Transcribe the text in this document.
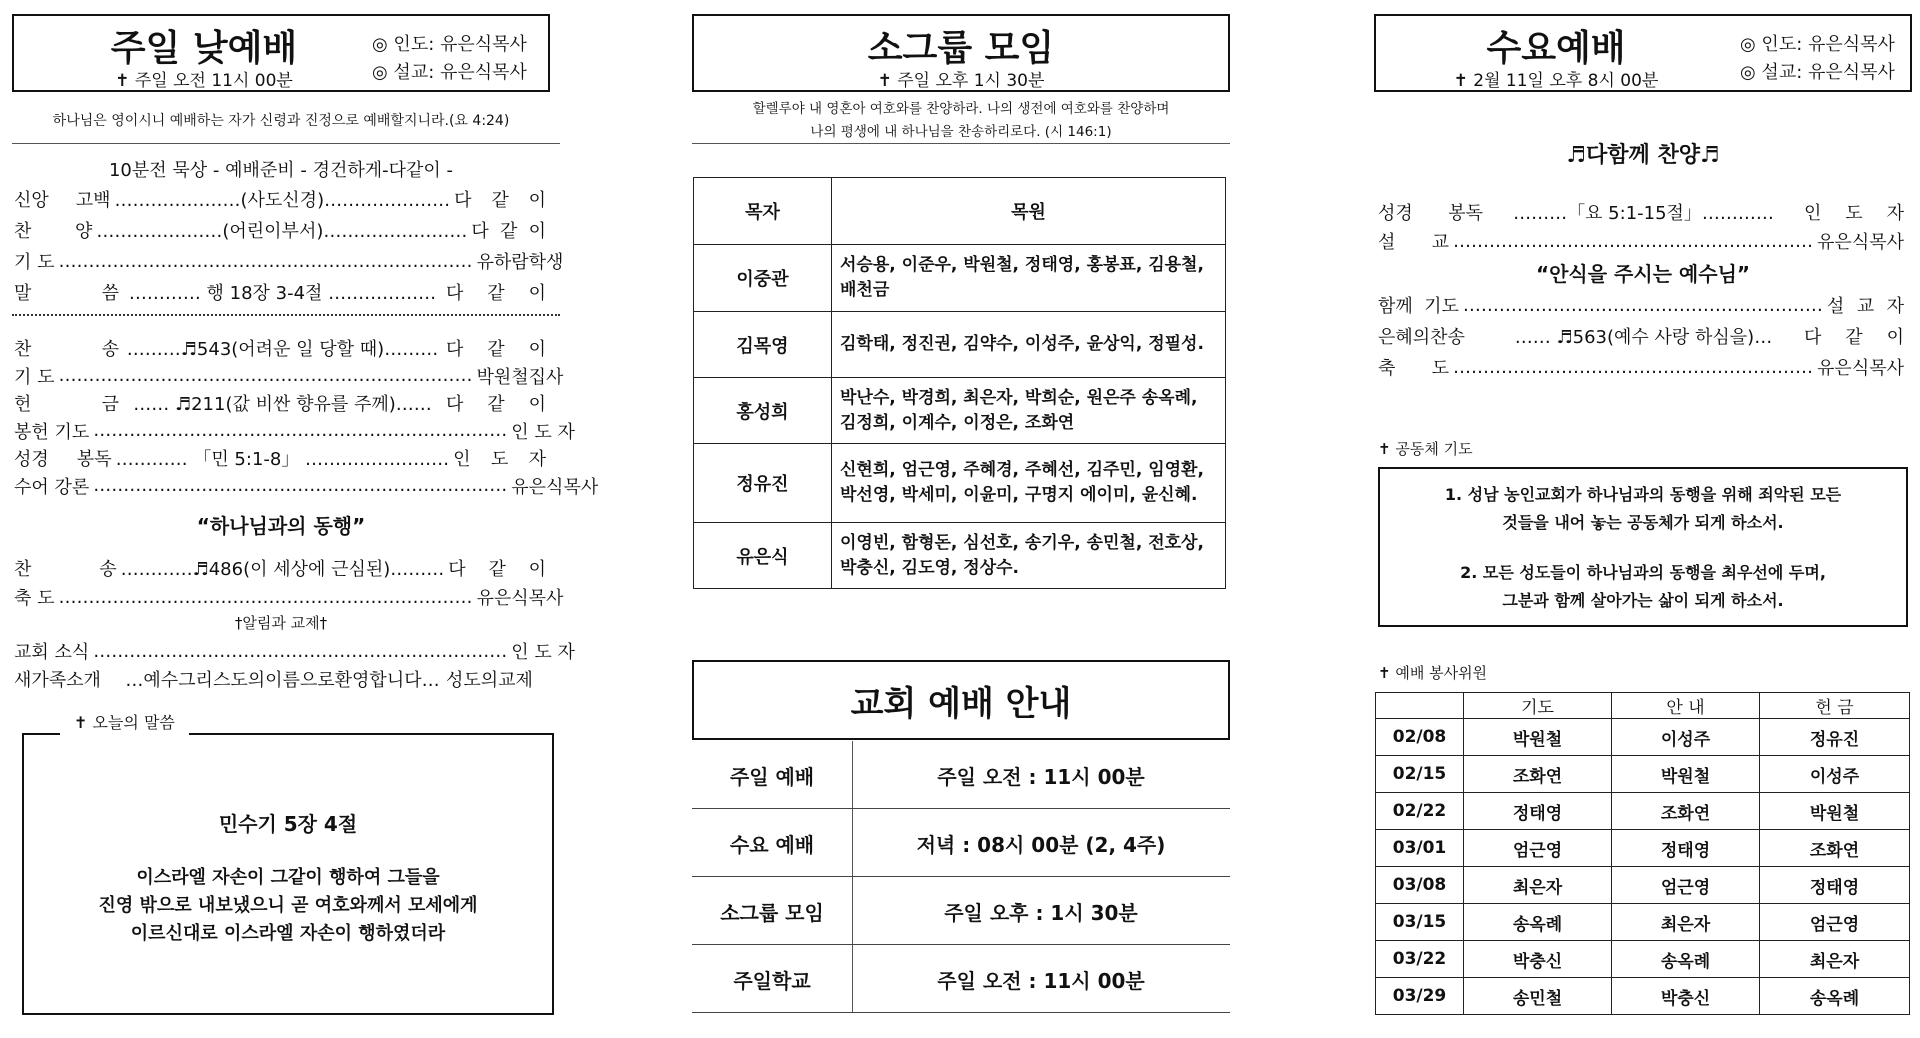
주일 낮예배
✝ 주일 오전 11시 00분
◎ 인도: 유은식목사
◎ 설교: 유은식목사
하나님은 영이시니 예배하는 자가 신령과 진정으로 예배할지니라.(요 4:24)
10분전 묵상 - 예배준비 - 경건하게-다같이 -
신앙 고백 …………………(사도신경)………………… 다 같 이
찬 양 …………………(어린이부서)…………………… 다 같 이
기 도 …………………………………………………………… 유하람학생
말 씀 ………… 행 18장 3-4절 ……………… 다 같 이
찬 송 ………♬543(어려운 일 당할 때)……… 다 같 이
기 도 …………………………………………………………… 박원철집사
헌 금 …… ♬211(값 비싼 향유를 주께)…… 다 같 이
봉헌 기도 …………………………………………………………… 인 도 자
성경 봉독 ………… 「민 5:1-8」 …………………… 인 도 자
수어 강론 …………………………………………………………… 유은식목사
“하나님과의 동행”
찬 송 …………♬486(이 세상에 근심된)……… 다 같 이
축 도 …………………………………………………………… 유은식목사
†알림과 교제†
교회 소식 …………………………………………………………… 인 도 자
새가족소개	…예수그리스도의이름으로환영합니다… 성도의교제
✝ 오늘의 말씀
민수기 5장 4절
이스라엘 자손이 그같이 행하여 그들을
진영 밖으로 내보냈으니 곧 여호와께서 모세에게
이르신대로 이스라엘 자손이 행하였더라
소그룹 모임
✝ 주일 오후 1시 30분
할렐루야 내 영혼아 여호와를 찬양하라. 나의 생전에 여호와를 찬양하며
나의 평생에 내 하나님을 찬송하리로다. (시 146:1)
목자	목원
이중관	서승용, 이준우, 박원철, 정태영, 홍봉표, 김용철, 배천금
김목영	김학태, 정진권, 김약수, 이성주, 윤상익, 정필성.
홍성희	박난수, 박경희, 최은자, 박희순, 원은주 송옥례, 김정희, 이계수, 이정은, 조화연
정유진	신현희, 엄근영, 주혜경, 주혜선, 김주민, 임영환, 박선영, 박세미, 이윤미, 구명지 에이미, 윤신혜.
유은식	이영빈, 함형돈, 심선호, 송기우, 송민철, 전호상, 박충신, 김도영, 정상수.
교회 예배 안내
주일 예배	주일 오전 : 11시 00분
수요 예배	저녁 : 08시 00분 (2, 4주)
소그룹 모임	주일 오후 : 1시 30분
주일학교	주일 오전 : 11시 00분
수요예배
✝ 2월 11일 오후 8시 00분
◎ 인도: 유은식목사
◎ 설교: 유은식목사
♬다함께 찬양♬
성경 봉독	………「요 5:1-15절」…………	인 도 자
설 교 …………………………………………………… 유은식목사
“안식을 주시는 예수님”
함께 기도 …………………………………………………… 설 교 자
은혜의찬송	…… ♬563(예수 사랑 하심을)…	다 같 이
축 도 …………………………………………………… 유은식목사
✝ 공동체 기도
1. 성남 농인교회가 하나님과의 동행을 위해 죄악된 모든
것들을 내어 놓는 공동체가 되게 하소서.
2. 모든 성도들이 하나님과의 동행을 최우선에 두며,
그분과 함께 살아가는 삶이 되게 하소서.
✝ 예배 봉사위원
	기도	안 내	헌 금
02/08	박원철	이성주	정유진
02/15	조화연	박원철	이성주
02/22	정태영	조화연	박원철
03/01	엄근영	정태영	조화연
03/08	최은자	엄근영	정태영
03/15	송옥례	최은자	엄근영
03/22	박충신	송옥례	최은자
03/29	송민철	박충신	송옥례
